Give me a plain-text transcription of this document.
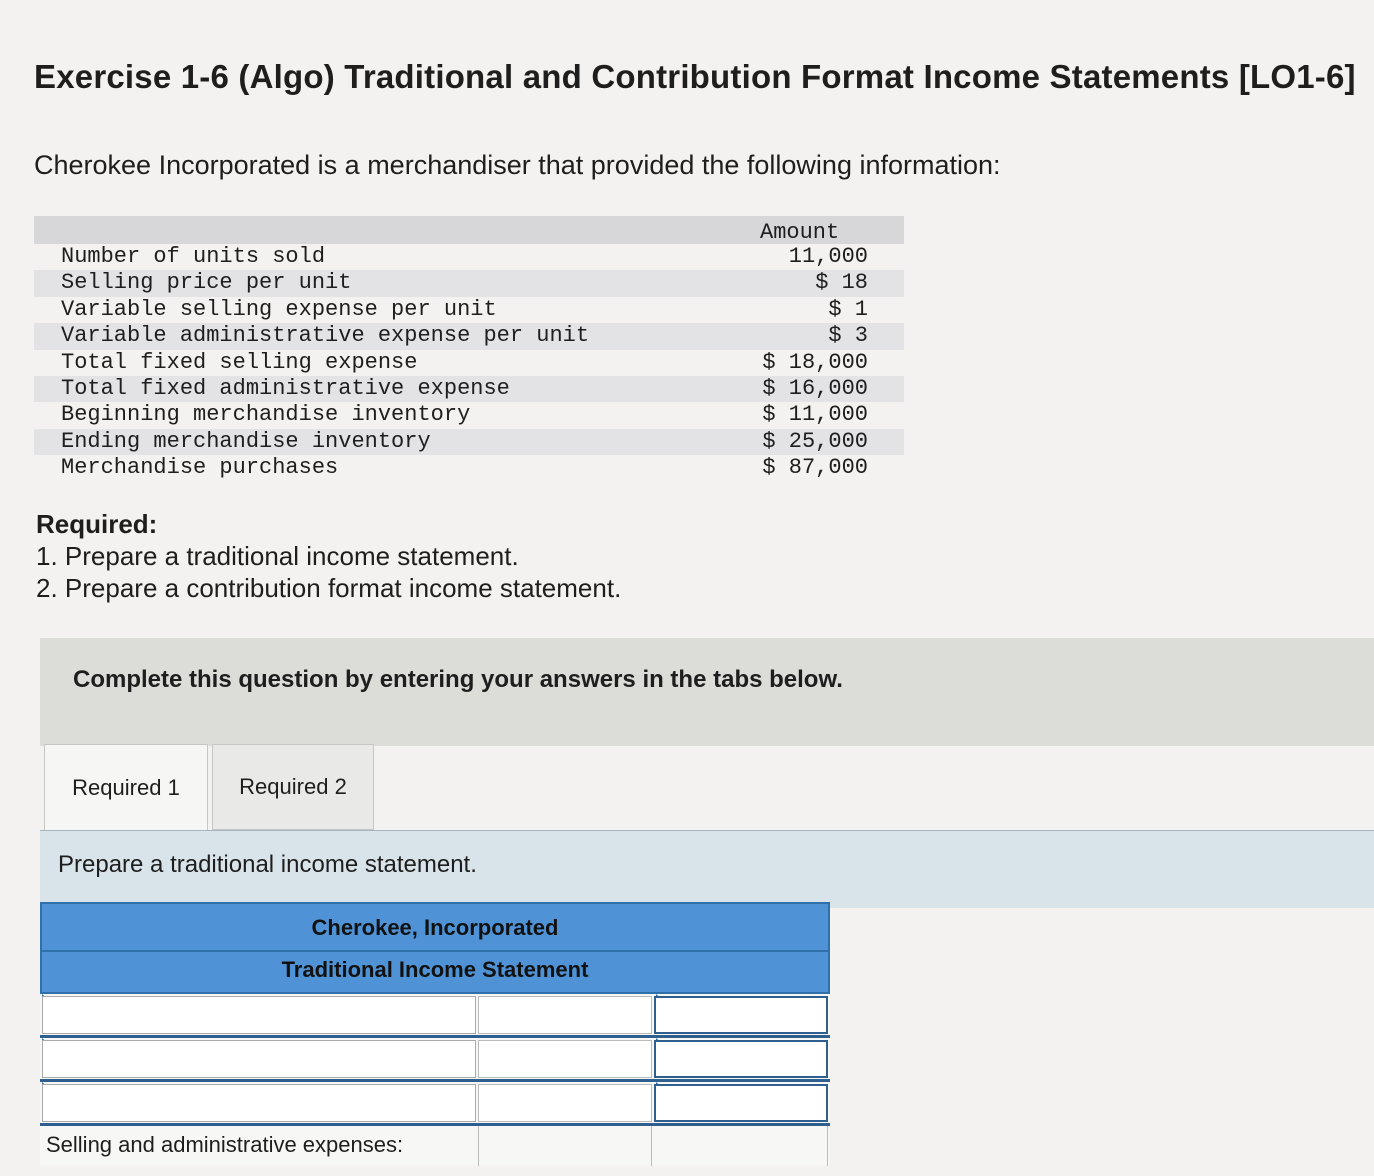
Exercise 1-6 (Algo) Traditional and Contribution Format Income Statements [LO1-6]
Cherokee Incorporated is a merchandiser that provided the following information:
Amount
Number of units sold	11,000
Selling price per unit	$ 18
Variable selling expense per unit	$ 1
Variable administrative expense per unit	$ 3
Total fixed selling expense	$ 18,000
Total fixed administrative expense	$ 16,000
Beginning merchandise inventory	$ 11,000
Ending merchandise inventory	$ 25,000
Merchandise purchases	$ 87,000
Required:
1. Prepare a traditional income statement.
2. Prepare a contribution format income statement.
Complete this question by entering your answers in the tabs below.
Required 1	Required 2
Prepare a traditional income statement.
Cherokee, Incorporated
Traditional Income Statement
Selling and administrative expenses:
